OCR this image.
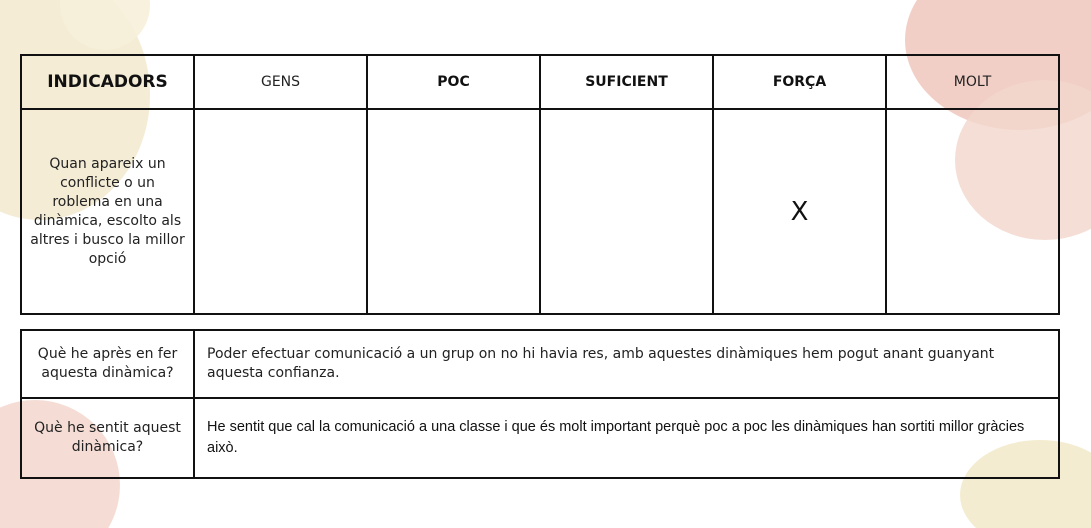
INDICADORS	GENS	POC	SUFICIENT	FORÇA	MOLT
Quan apareix un conflicte o un roblema en una dinàmica, escolto als altres i busco la millor opció				X	
Què he après en fer aquesta dinàmica?	Poder efectuar comunicació a un grup on no hi havia res, amb aquestes dinàmiques hem pogut anant guanyant aquesta confianza.
Què he sentit aquest dinàmica?	He sentit que cal la comunicació a una classe i que és molt important perquè poc a poc les dinàmiques han sortiti millor gràcies això.
